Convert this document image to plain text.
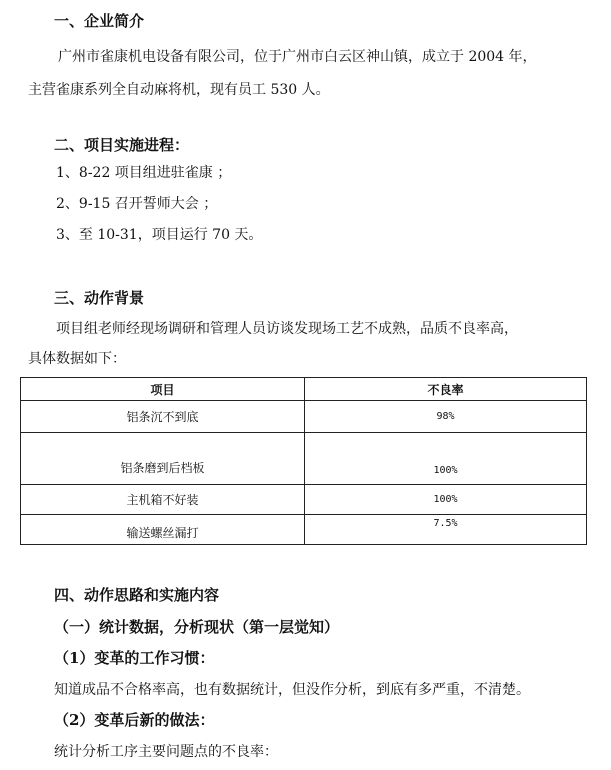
一、企业简介
广州市雀康机电设备有限公司，位于广州市白云区神山镇，成立于 2004 年，
主营雀康系列全自动麻将机，现有员工 530 人。
二、项目实施进程：
1、8-22 项目组进驻雀康 ；
2、9-15 召开誓师大会 ；
3、至 10-31，项目运行 70 天。
三、动作背景
项目组老师经现场调研和管理人员访谈发现场工艺不成熟，品质不良率高，
具体数据如下：
项目	不良率
铝条沉不到底	98%
铝条磨到后档板	100%
主机箱不好装	100%
输送螺丝漏打	7.5%
四、动作思路和实施内容
（一）统计数据，分析现状（第一层觉知）
（1）变革的工作习惯：
知道成品不合格率高，也有数据统计，但没作分析，到底有多严重，不清楚。
（2）变革后新的做法：
统计分析工序主要问题点的不良率：
